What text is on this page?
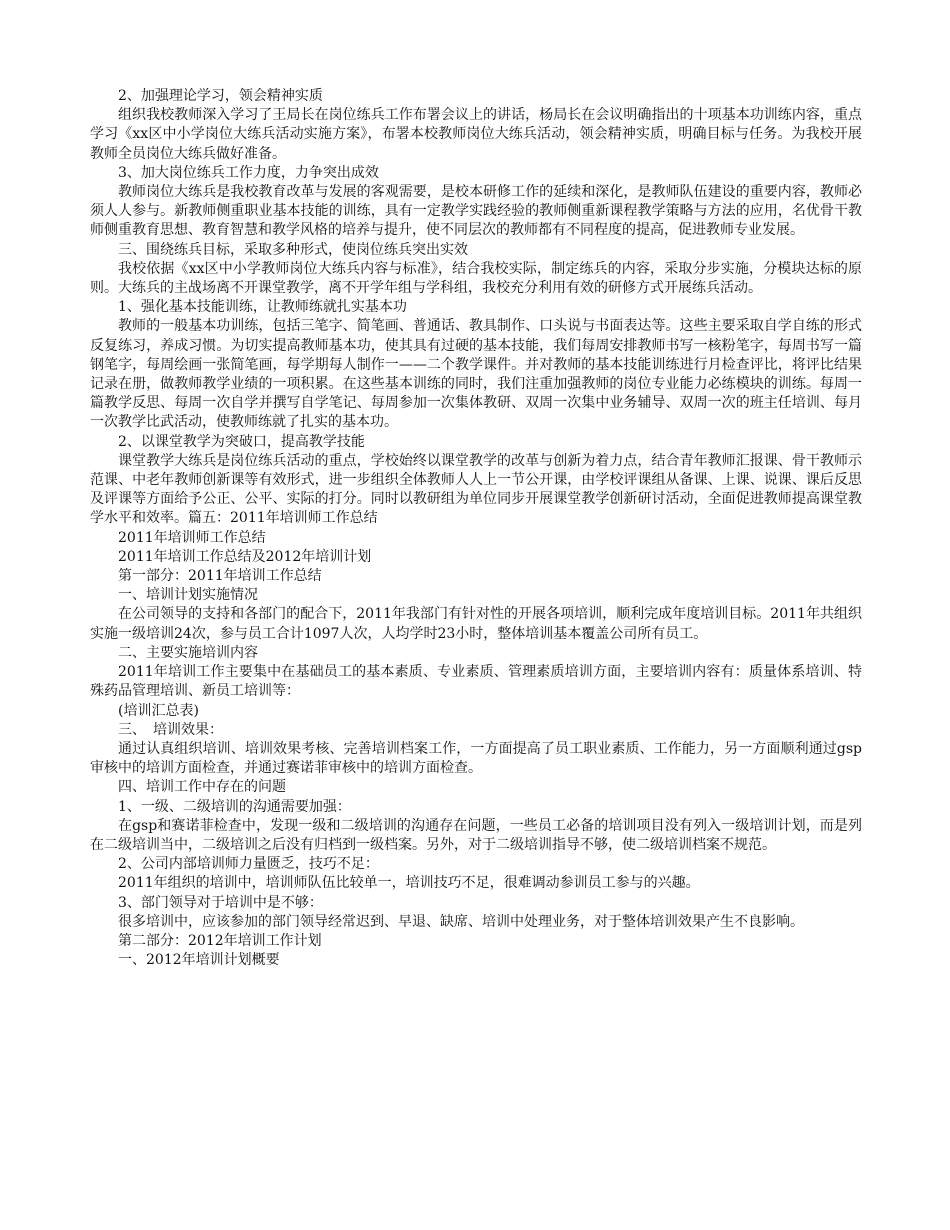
2、加强理论学习，领会精神实质

组织我校教师深入学习了王局长在岗位练兵工作布署会议上的讲话，杨局长在会议明确指出的十项基本功训练内容，重点学习《xx区中小学岗位大练兵活动实施方案》，布署本校教师岗位大练兵活动，领会精神实质，明确目标与任务。为我校开展教师全员岗位大练兵做好准备。

3、加大岗位练兵工作力度，力争突出成效

教师岗位大练兵是我校教育改革与发展的客观需要，是校本研修工作的延续和深化，是教师队伍建设的重要内容，教师必须人人参与。新教师侧重职业基本技能的训练，具有一定教学实践经验的教师侧重新课程教学策略与方法的应用，名优骨干教师侧重教育思想、教育智慧和教学风格的培养与提升，使不同层次的教师都有不同程度的提高，促进教师专业发展。

三、围绕练兵目标，采取多种形式，使岗位练兵突出实效

我校依据《xx区中小学教师岗位大练兵内容与标准》，结合我校实际，制定练兵的内容，采取分步实施，分模块达标的原则。大练兵的主战场离不开课堂教学，离不开学年组与学科组，我校充分利用有效的研修方式开展练兵活动。

1、强化基本技能训练，让教师练就扎实基本功

教师的一般基本功训练，包括三笔字、简笔画、普通话、教具制作、口头说与书面表达等。这些主要采取自学自练的形式反复练习，养成习惯。为切实提高教师基本功，使其具有过硬的基本技能，我们每周安排教师书写一核粉笔字，每周书写一篇钢笔字，每周绘画一张简笔画，每学期每人制作一——二个教学课件。并对教师的基本技能训练进行月检查评比，将评比结果记录在册，做教师教学业绩的一项积累。在这些基本训练的同时，我们注重加强教师的岗位专业能力必练模块的训练。每周一篇教学反思、每周一次自学并撰写自学笔记、每周参加一次集体教研、双周一次集中业务辅导、双周一次的班主任培训、每月一次教学比武活动，使教师练就了扎实的基本功。

2、以课堂教学为突破口，提高教学技能

课堂教学大练兵是岗位练兵活动的重点，学校始终以课堂教学的改革与创新为着力点，结合青年教师汇报课、骨干教师示范课、中老年教师创新课等有效形式，进一步组织全体教师人人上一节公开课，由学校评课组从备课、上课、说课、课后反思及评课等方面给予公正、公平、实际的打分。同时以教研组为单位同步开展课堂教学创新研讨活动，全面促进教师提高课堂教学水平和效率。篇五：2011年培训师工作总结

2011年培训师工作总结

2011年培训工作总结及2012年培训计划

第一部分：2011年培训工作总结

一、培训计划实施情况

在公司领导的支持和各部门的配合下，2011年我部门有针对性的开展各项培训，顺利完成年度培训目标。2011年共组织实施一级培训24次，参与员工合计1097人次，人均学时23小时，整体培训基本覆盖公司所有员工。

二、主要实施培训内容

2011年培训工作主要集中在基础员工的基本素质、专业素质、管理素质培训方面，主要培训内容有：质量体系培训、特殊药品管理培训、新员工培训等：

(培训汇总表)

三、　培训效果：

通过认真组织培训、培训效果考核、完善培训档案工作，一方面提高了员工职业素质、工作能力，另一方面顺利通过gsp审核中的培训方面检查，并通过赛诺菲审核中的培训方面检查。

四、培训工作中存在的问题

1、一级、二级培训的沟通需要加强：

在gsp和赛诺菲检查中，发现一级和二级培训的沟通存在问题，一些员工必备的培训项目没有列入一级培训计划，而是列在二级培训当中，二级培训之后没有归档到一级档案。另外，对于二级培训指导不够，使二级培训档案不规范。

2、公司内部培训师力量匮乏，技巧不足：

2011年组织的培训中，培训师队伍比较单一，培训技巧不足，很难调动参训员工参与的兴趣。

3、部门领导对于培训中是不够：

很多培训中，应该参加的部门领导经常迟到、早退、缺席、培训中处理业务，对于整体培训效果产生不良影响。

第二部分：2012年培训工作计划

一、2012年培训计划概要
